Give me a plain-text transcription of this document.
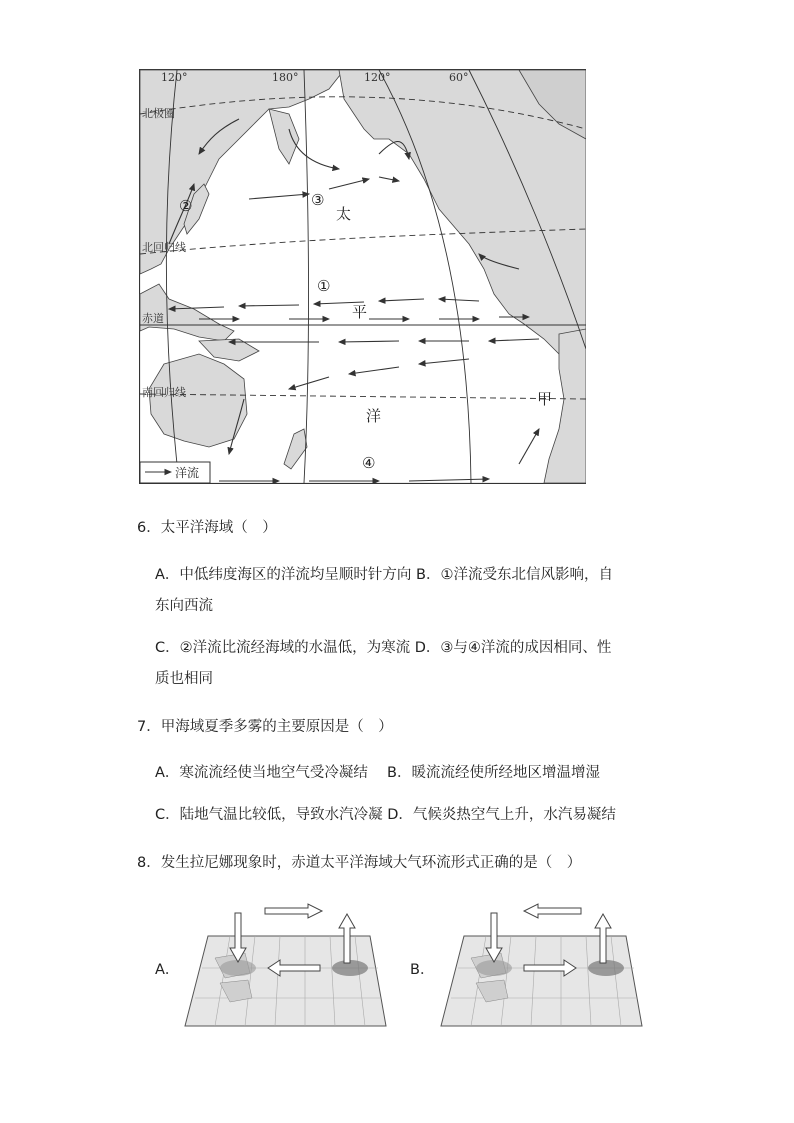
120°	180°	120°	60°
北极圈
北回归线
赤道
南回归线
太
平
洋
甲
①
②	③
④
洋流
6．太平洋海域（　）
A．中低纬度海区的洋流均呈顺时针方向 B．①洋流受东北信风影响，自
东向西流
C．②洋流比流经海域的水温低，为寒流 D．③与④洋流的成因相同、性
质也相同
7．甲海域夏季多雾的主要原因是（　）
A．寒流流经使当地空气受冷凝结　 B．暖流流经使所经地区增温增湿
C．陆地气温比较低，导致水汽冷凝 D．气候炎热空气上升，水汽易凝结
8．发生拉尼娜现象时，赤道太平洋海域大气环流形式正确的是（　）
A．	B．
